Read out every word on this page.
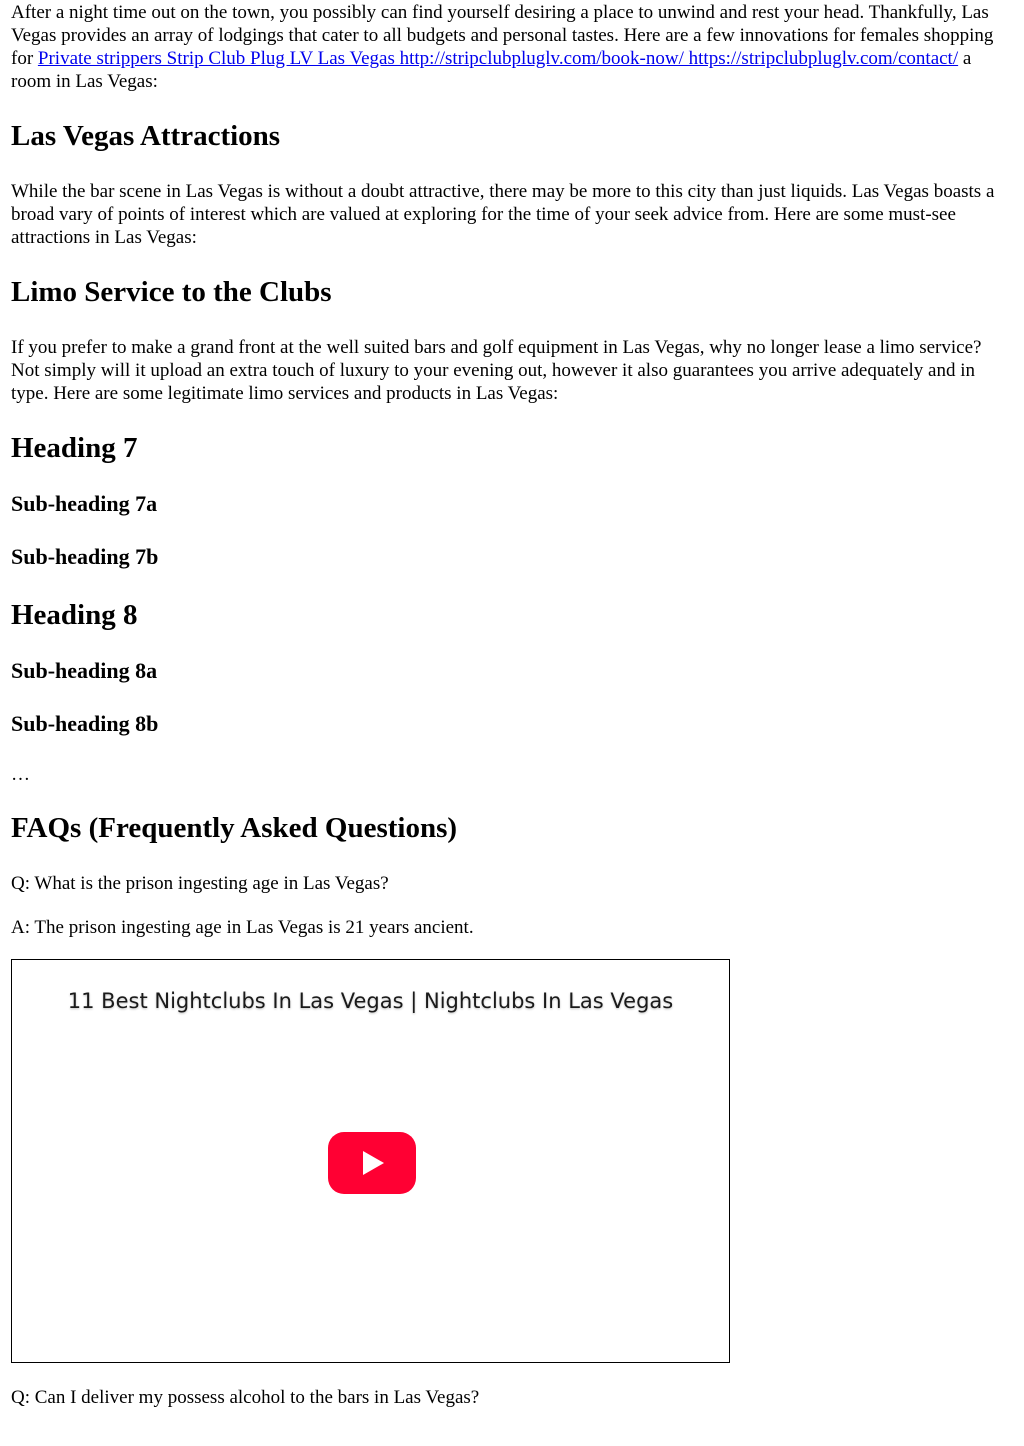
After a night time out on the town, you possibly can find yourself desiring a place to unwind and rest your head. Thankfully, Las Vegas provides an array of lodgings that cater to all budgets and personal tastes. Here are a few innovations for females shopping for Private strippers Strip Club Plug LV Las Vegas http://stripclubpluglv.com/book-now/ https://stripclubpluglv.com/contact/ a room in Las Vegas:

Las Vegas Attractions

While the bar scene in Las Vegas is without a doubt attractive, there may be more to this city than just liquids. Las Vegas boasts a broad vary of points of interest which are valued at exploring for the time of your seek advice from. Here are some must-see attractions in Las Vegas:

Limo Service to the Clubs

If you prefer to make a grand front at the well suited bars and golf equipment in Las Vegas, why no longer lease a limo service? Not simply will it upload an extra touch of luxury to your evening out, however it also guarantees you arrive adequately and in type. Here are some legitimate limo services and products in Las Vegas:

Heading 7
Sub-heading 7a
Sub-heading 7b
Heading 8
Sub-heading 8a
Sub-heading 8b

…

FAQs (Frequently Asked Questions)

Q: What is the prison ingesting age in Las Vegas?

A: The prison ingesting age in Las Vegas is 21 years ancient.

11 Best Nightclubs In Las Vegas | Nightclubs In Las Vegas

Q: Can I deliver my possess alcohol to the bars in Las Vegas?
